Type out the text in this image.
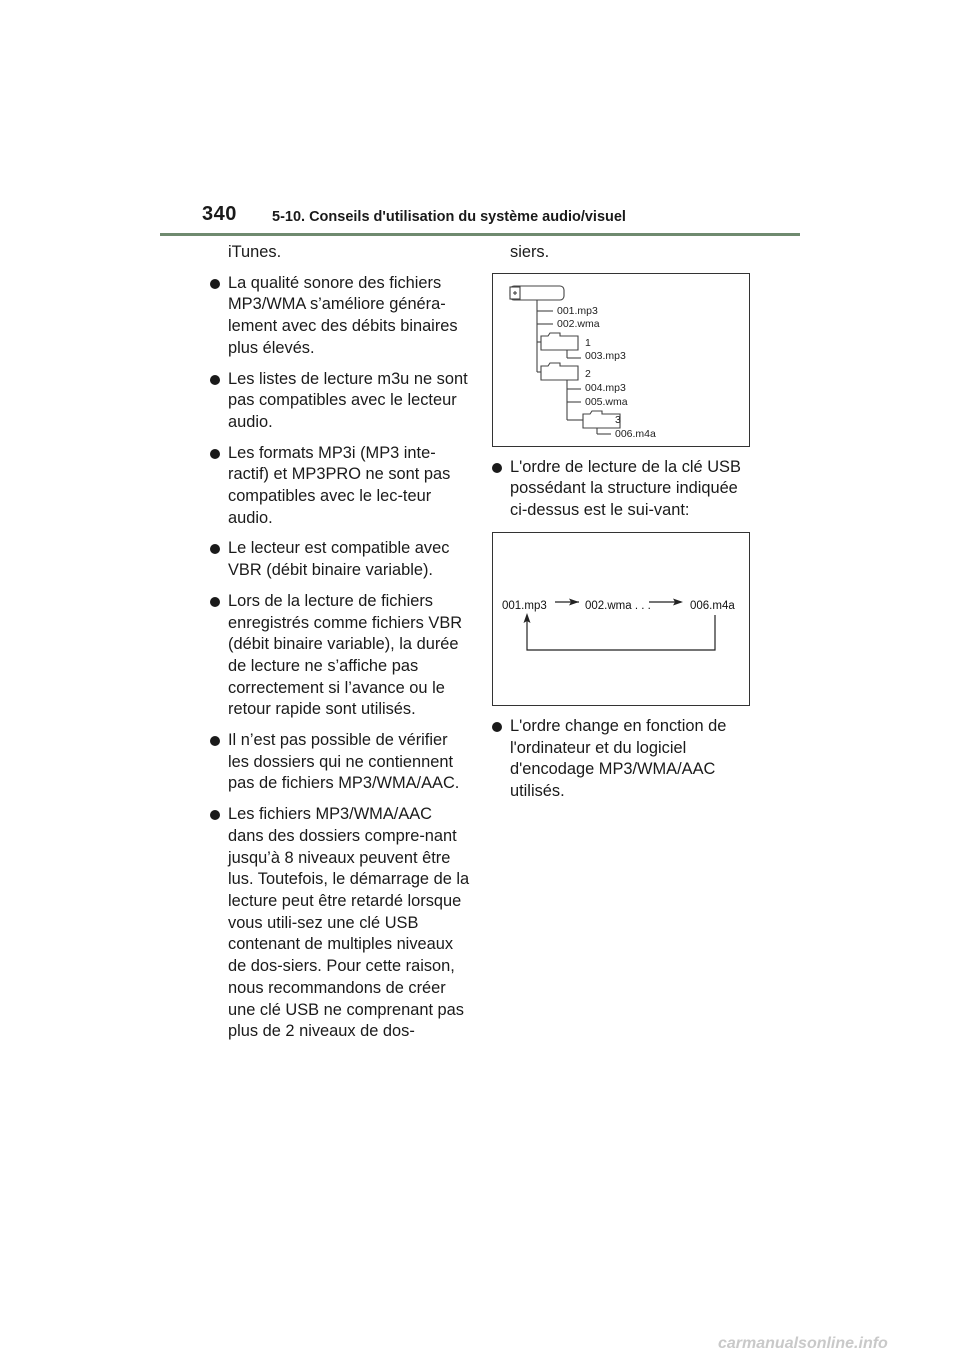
340 5-10. Conseils d'utilisation du système audio/visuel
iTunes.
La qualité sonore des fichiers MP3/WMA s’améliore généra-lement avec des débits binaires plus élevés.
Les listes de lecture m3u ne sont pas compatibles avec le lecteur audio.
Les formats MP3i (MP3 inte-ractif) et MP3PRO ne sont pas compatibles avec le lec-teur audio.
Le lecteur est compatible avec VBR (débit binaire variable).
Lors de la lecture de fichiers enregistrés comme fichiers VBR (débit binaire variable), la durée de lecture ne s’affiche pas correctement si l’avance ou le retour rapide sont utilisés.
Il n’est pas possible de vérifier les dossiers qui ne contiennent pas de fichiers MP3/WMA/AAC.
Les fichiers MP3/WMA/AAC dans des dossiers compre-nant jusqu’à 8 niveaux peuvent être lus. Toutefois, le démarrage de la lecture peut être retardé lorsque vous utili-sez une clé USB contenant de multiples niveaux de dos-siers. Pour cette raison, nous recommandons de créer une clé USB ne comprenant pas plus de 2 niveaux de dos-
siers.
001.mp3
002.wma
1
003.mp3
2
004.mp3
005.wma
3
006.m4a
L'ordre de lecture de la clé USB possédant la structure indiquée ci-dessus est le sui-vant:
001.mp3	002.wma . . .	006.m4a
L'ordre change en fonction de l'ordinateur et du logiciel d'encodage MP3/WMA/AAC utilisés.
carmanualsonline.info
